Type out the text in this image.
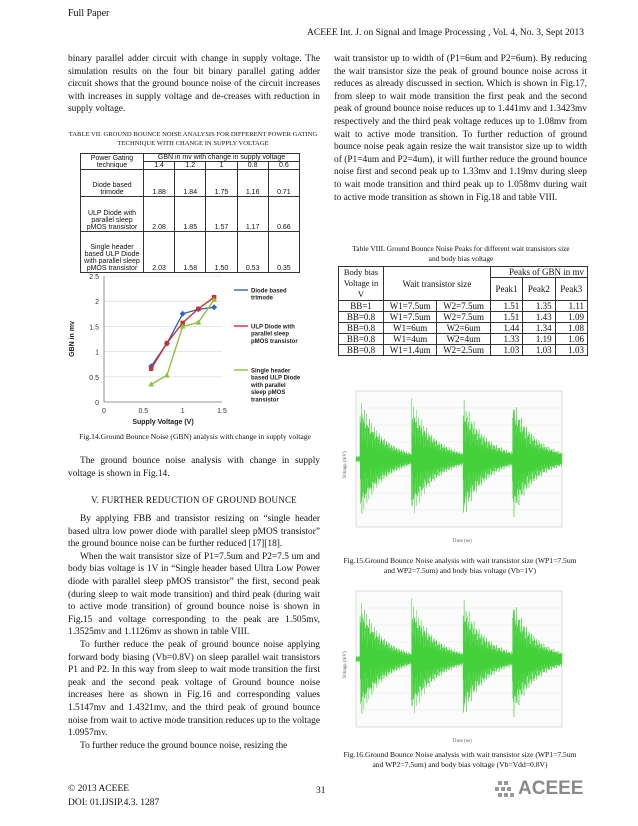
Full Paper
ACEEE Int. J. on Signal and Image Processing , Vol. 4, No. 3, Sept 2013

binary parallel adder circuit with change in supply voltage. The simulation results on the four bit binary parallel gating adder circuit shows that the ground bounce noise of the circuit increases with increases in supply voltage and de-creases with reduction in supply voltage.

TABLE VII. GROUND BOUNCE NOISE ANALYSIS FOR DIFFERENT POWER GATING TECHNIQUE WITH CHANGE IN SUPPLY VOLTAGE
Power Gating technique	GBN in mv with change in supply voltage				
	1.4	1.2	1	0.8	0.6
Diode based trimode	1.88	1.84	1.75	1.16	0.71
ULP Diode with parallel sleep pMOS transistor	2.08	1.85	1.57	1.17	0.66
Single header based ULP Diode with parallel sleep pMOS transistor	2.03	1.58	1.50	0.53	0.35
0
0.5
1
1.5
2
2.5
0	0.5	1	1.5
Supply Voltage (V)
GBN in mv
Diode based trimode
ULP Diode with parallel sleep pMOS transistor
Single header based ULP Diode with parallel sleep pMOS transistor
Fig.14.Ground Bounce Noise (GBN) analysis with change in supply voltage

The ground bounce noise analysis with change in supply voltage is shown in Fig.14.

V. FURTHER REDUCTION OF GROUND BOUNCE

By applying FBB and transistor resizing on “single header based ultra low power diode with parallel sleep pMOS transistor” the ground bounce noise can be further reduced [17][18].

When the wait transistor size of P1=7.5um and P2=7.5 um and body bias voltage is 1V in “Single header based Ultra Low Power diode with parallel sleep pMOS transistor” the first, second peak (during sleep to wait mode transition) and third peak (during wait to active mode transition) of ground bounce noise is shown in Fig.15 and voltage corresponding to the peak are 1.505mv, 1.3525mv and 1.1126mv as shown in table VIII.

To further reduce the peak of ground bounce noise applying forward body biasing (Vb=0.8V) on sleep parallel wait transistors P1 and P2. In this way from sleep to wait mode transition the first peak and the second peak voltage of Ground bounce noise increases here as shown in Fig.16 and corresponding values 1.5147mv and 1.4321mv, and the third peak of ground bounce noise from wait to active mode transition reduces up to the voltage 1.0957mv.

To further reduce the ground bounce noise, resizing the

wait transistor up to width of (P1=6um and P2=6um). By reducing the wait transistor size the peak of ground bounce noise across it reduces as already discussed in section. Which is shown in Fig.17, from sleep to wait mode transition the first peak and the second peak of ground bounce noise reduces up to 1.441mv and 1.3423mv respectively and the third peak voltage reduces up to 1.08mv from wait to active mode transition. To further reduction of ground bounce noise peak again resize the wait transistor size up to width of (P1=4um and P2=4um), it will further reduce the ground bounce noise first and second peak up to 1.33mv and 1.19mv during sleep to wait mode transition and third peak up to 1.058mv during wait to active mode transition as shown in Fig.18 and table VIII.

Table VIII. Ground Bounce Noise Peaks for different wait transistors size and body bias voltage
Body bias Voltage in V	Wait transistor size		Peaks of GBN in mv		
			Peak1	Peak2	Peak3
BB=1	W1=7.5um	W2=7.5um	1.51	1.35	1.11
BB=0.8	W1=7.5um	W2=7.5um	1.51	1.43	1.09
BB=0.8	W1=6um	W2=6um	1.44	1.34	1.08
BB=0.8	W1=4um	W2=4um	1.33	1.19	1.06
BB=0.8	W1=1.4um	W2=2.5um	1.03	1.03	1.03
Voltage (mV)
Time (ns)
Fig.15.Ground Bounce Noise analysis with wait transistor size (WP1=7.5um and WP2=7.5um) and body bias voltage (Vb=1V)
Voltage (mV)
Time (ns)
Fig.16.Ground Bounce Noise analysis with wait transistor size (WP1=7.5um and WP2=7.5um) and body bias voltage (Vb=Vdd=0.8V)
© 2013 ACEEE
DOI: 01.IJSIP.4.3. 1287
31	ACEEE
